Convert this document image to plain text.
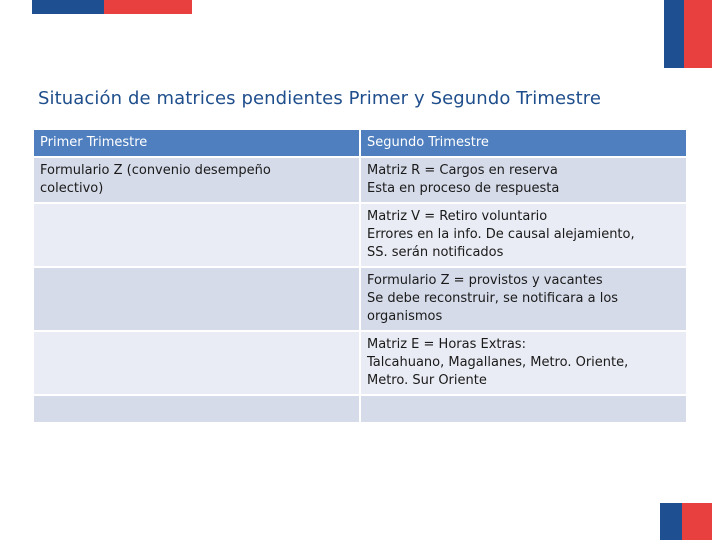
Situación de matrices pendientes Primer y Segundo Trimestre
Primer Trimestre	Segundo Trimestre

Formulario Z (convenio desempeño
colectivo)	Matriz R = Cargos en reserva
Esta en proceso de respuesta

	Matriz V = Retiro voluntario
Errores en la info. De causal alejamiento,
SS. serán notificados

	Formulario Z = provistos y vacantes
Se debe reconstruir, se notificara a los
organismos

	Matriz E = Horas Extras:
Talcahuano, Magallanes, Metro. Oriente,
Metro. Sur Oriente
